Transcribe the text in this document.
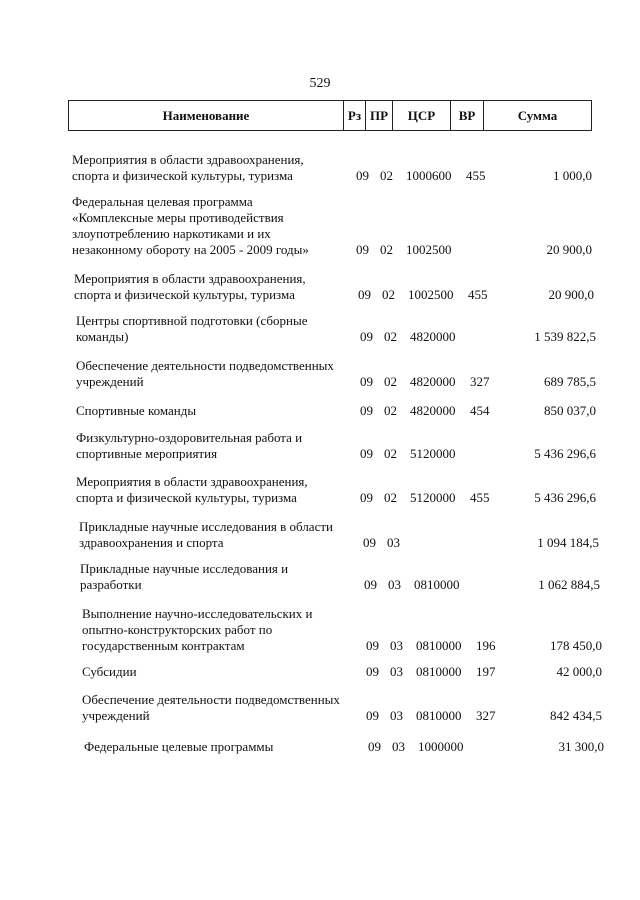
529
Наименование	Рз ПР	ЦСР	ВР	Сумма
Мероприятия в области здравоохранения, спорта и физической культуры, туризма	09 02 1000600 455	1 000,0
Федеральная целевая программа «Комплексные меры противодействия злоупотреблению наркотиками и их незаконному обороту на 2005 - 2009 годы»	09 02 1002500	20 900,0
Мероприятия в области здравоохранения, спорта и физической культуры, туризма	09 02 1002500 455	20 900,0
Центры спортивной подготовки (сборные команды)	09 02 4820000	1 539 822,5
Обеспечение деятельности подведомственных учреждений	09 02 4820000 327	689 785,5
Спортивные команды	09 02 4820000 454	850 037,0
Физкультурно-оздоровительная работа и спортивные мероприятия	09 02 5120000	5 436 296,6
Мероприятия в области здравоохранения, спорта и физической культуры, туризма	09 02 5120000 455	5 436 296,6
Прикладные научные исследования в области здравоохранения и спорта	09 03	1 094 184,5
Прикладные научные исследования и разработки	09 03 0810000	1 062 884,5
Выполнение научно-исследовательских и опытно-конструкторских работ по государственным контрактам	09 03 0810000 196	178 450,0
Субсидии	09 03 0810000 197	42 000,0
Обеспечение деятельности подведомственных учреждений	09 03 0810000 327	842 434,5
Федеральные целевые программы	09 03 1000000	31 300,0
